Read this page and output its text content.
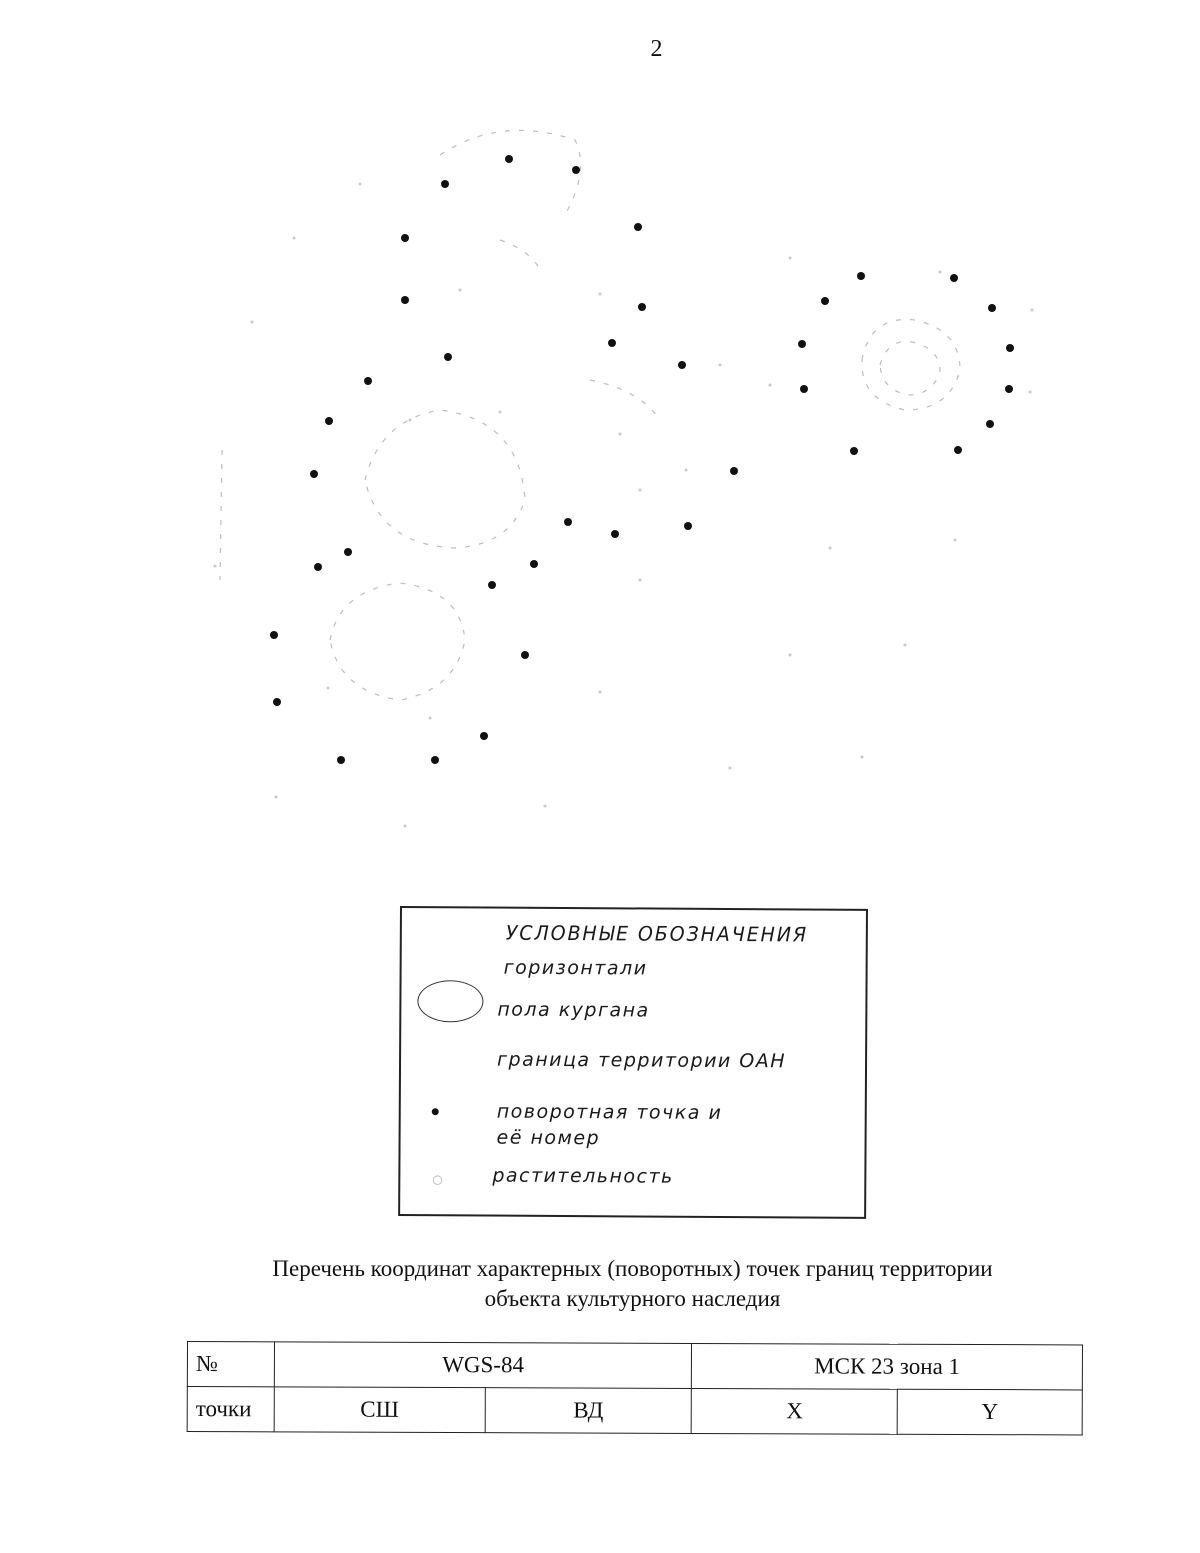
2
УСЛОВНЫЕ ОБОЗНАЧЕНИЯ
горизонтали
пола кургана
граница территории ОАН
поворотная точка и
её номер
○	растительность
Перечень координат характерных (поворотных) точек границ территории
объекта культурного наследия
№	WGS-84		МСК 23 зона 1	
точки	СШ	ВД	X	Y
